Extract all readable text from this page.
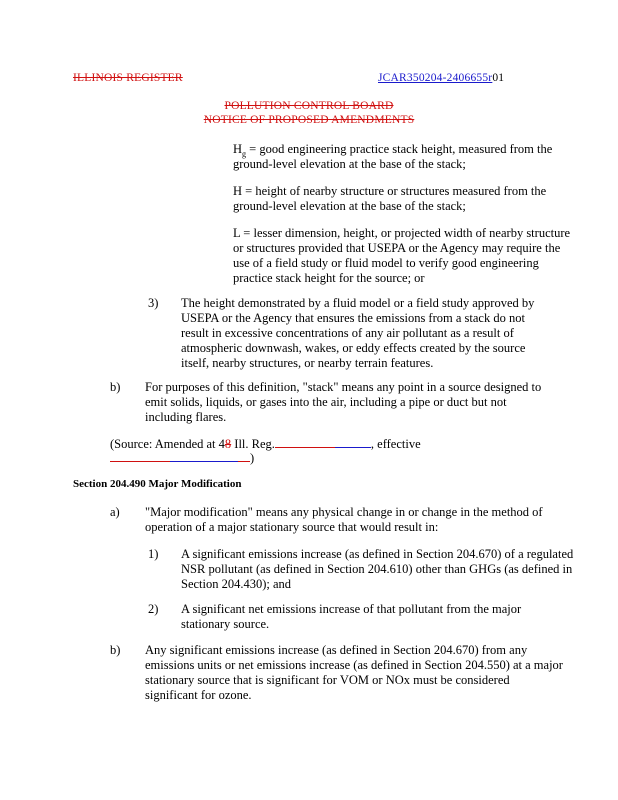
ILLINOIS REGISTER	JCAR350204-2406655r01
POLLUTION CONTROL BOARD
NOTICE OF PROPOSED AMENDMENTS
$H_g$ = good engineering practice stack height, measured from the ground-level elevation at the base of the stack;
H = height of nearby structure or structures measured from the ground-level elevation at the base of the stack;
L = lesser dimension, height, or projected width of nearby structure or structures provided that USEPA or the Agency may require the use of a field study or fluid model to verify good engineering practice stack height for the source; or
3) The height demonstrated by a fluid model or a field study approved by USEPA or the Agency that ensures the emissions from a stack do not result in excessive concentrations of any air pollutant as a result of atmospheric downwash, wakes, or eddy effects created by the source itself, nearby structures, or nearby terrain features.
b) For purposes of this definition, "stack" means any point in a source designed to emit solids, liquids, or gases into the air, including a pipe or duct but not including flares.
(Source: Amended at 48 Ill. Reg.	, effective
)
Section 204.490 Major Modification
a) "Major modification" means any physical change in or change in the method of operation of a major stationary source that would result in:
1) A significant emissions increase (as defined in Section 204.670) of a regulated NSR pollutant (as defined in Section 204.610) other than GHGs (as defined in Section 204.430); and
2) A significant net emissions increase of that pollutant from the major stationary source.
b) Any significant emissions increase (as defined in Section 204.670) from any emissions units or net emissions increase (as defined in Section 204.550) at a major stationary source that is significant for VOM or NOx must be considered significant for ozone.
